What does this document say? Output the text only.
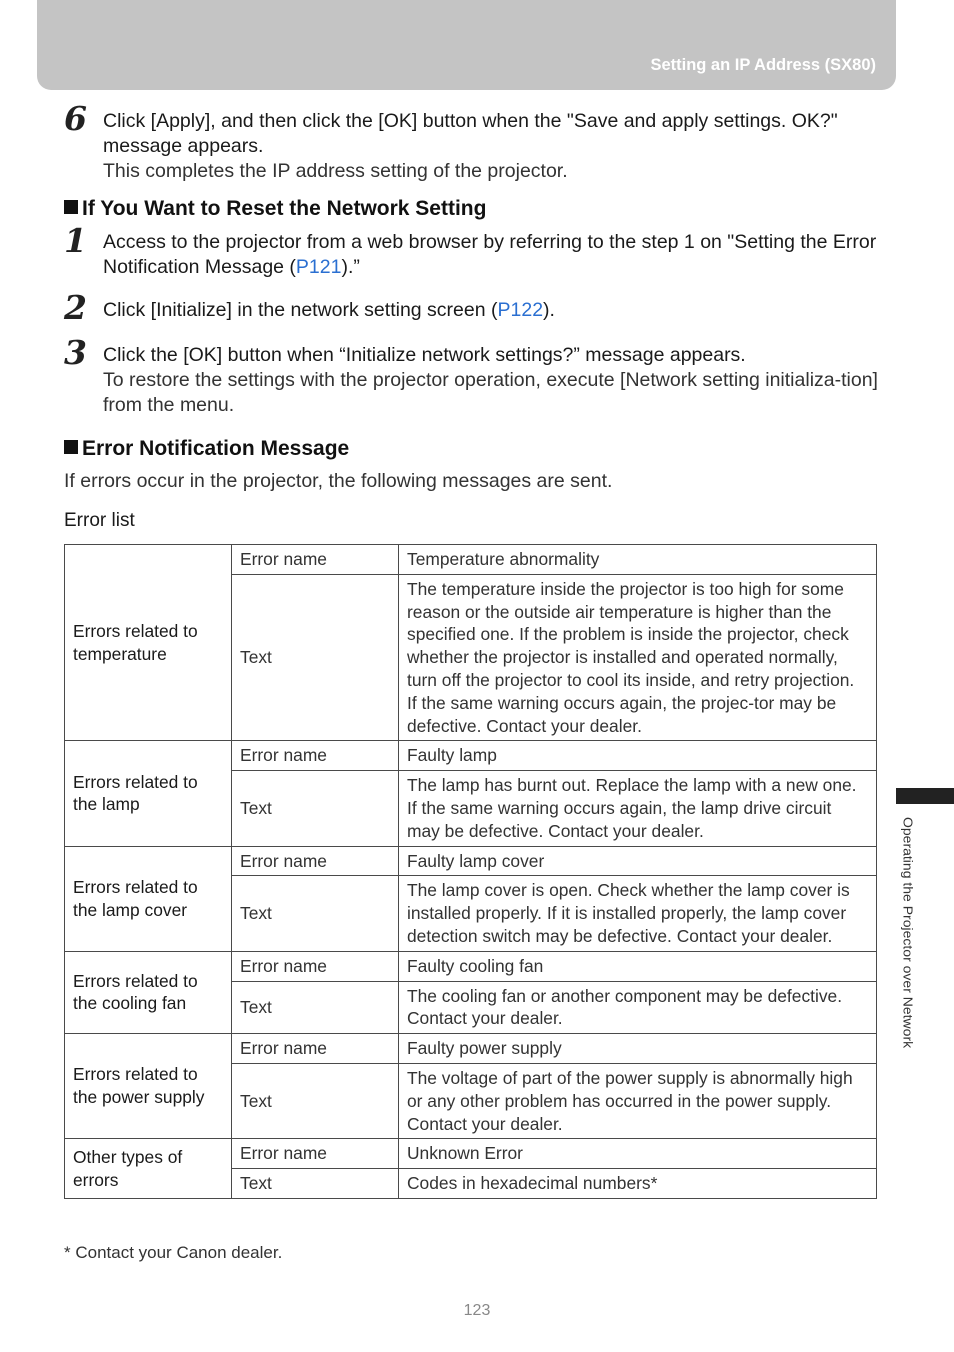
Setting an IP Address (SX80)
6 Click [Apply], and then click the [OK] button when the "Save and apply settings. OK?" message appears.
This completes the IP address setting of the projector.
If You Want to Reset the Network Setting
1 Access to the projector from a web browser by referring to the step 1 on "Setting the Error Notification Message (P121).”
2 Click [Initialize] in the network setting screen (P122).
3 Click the [OK] button when “Initialize network settings?” message appears.
To restore the settings with the projector operation, execute [Network setting initializa-tion] from the menu.
Error Notification Message
If errors occur in the projector, the following messages are sent.
Error list
Errors related to temperature	Error name	Temperature abnormality
	Text	The temperature inside the projector is too high for some reason or the outside air temperature is higher than the specified one. If the problem is inside the projector, check whether the projector is installed and operated normally, turn off the projector to cool its inside, and retry projection. If the same warning occurs again, the projec-tor may be defective. Contact your dealer.
Errors related to the lamp	Error name	Faulty lamp
	Text	The lamp has burnt out. Replace the lamp with a new one. If the same warning occurs again, the lamp drive circuit may be defective. Contact your dealer.
Errors related to the lamp cover	Error name	Faulty lamp cover
	Text	The lamp cover is open. Check whether the lamp cover is installed properly. If it is installed properly, the lamp cover detection switch may be defective. Contact your dealer.
Errors related to the cooling fan	Error name	Faulty cooling fan
	Text	The cooling fan or another component may be defective. Contact your dealer.
Errors related to the power supply	Error name	Faulty power supply
	Text	The voltage of part of the power supply is abnormally high or any other problem has occurred in the power supply. Contact your dealer.
Other types of errors	Error name	Unknown Error
	Text	Codes in hexadecimal numbers*
* Contact your Canon dealer.
123
Operating the Projector over Network
